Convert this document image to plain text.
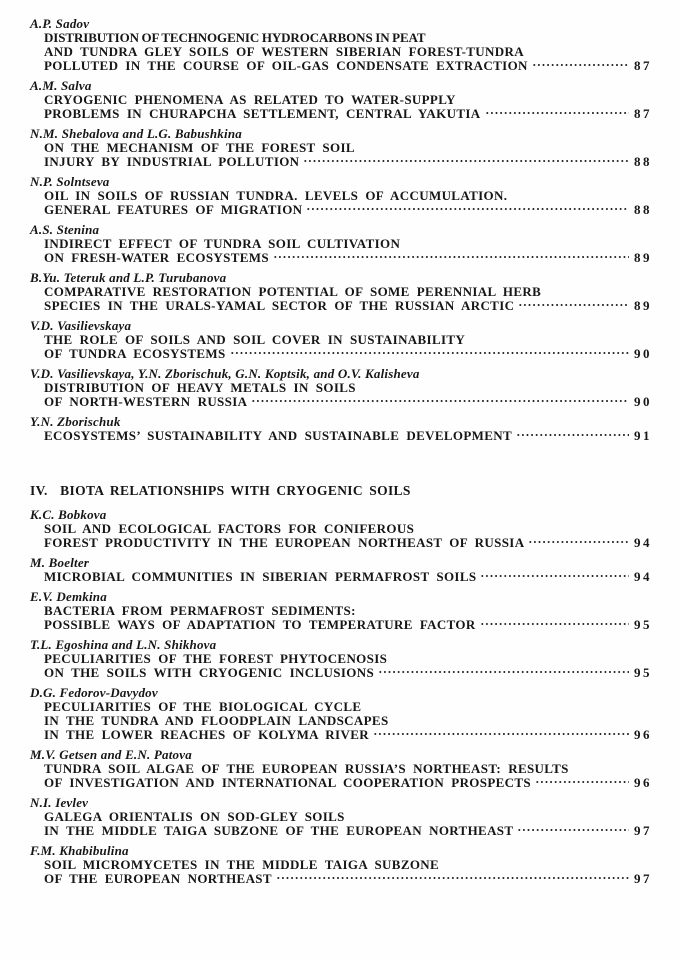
A.P. Sadov
DISTRIBUTION OF TECHNOGENIC HYDROCARBONS IN PEAT
AND TUNDRA GLEY SOILS OF WESTERN SIBERIAN FOREST-TUNDRA
POLLUTED IN THE COURSE OF OIL-GAS CONDENSATE EXTRACTION	87
A.M. Salva
CRYOGENIC PHENOMENA AS RELATED TO WATER-SUPPLY
PROBLEMS IN CHURAPCHA SETTLEMENT, CENTRAL YAKUTIA	87
N.M. Shebalova and L.G. Babushkina
ON THE MECHANISM OF THE FOREST SOIL
INJURY BY INDUSTRIAL POLLUTION	88
N.P. Solntseva
OIL IN SOILS OF RUSSIAN TUNDRA. LEVELS OF ACCUMULATION.
GENERAL FEATURES OF MIGRATION	88
A.S. Stenina
INDIRECT EFFECT OF TUNDRA SOIL CULTIVATION
ON FRESH-WATER ECOSYSTEMS	89
B.Yu. Teteruk and L.P. Turubanova
COMPARATIVE RESTORATION POTENTIAL OF SOME PERENNIAL HERB
SPECIES IN THE URALS-YAMAL SECTOR OF THE RUSSIAN ARCTIC	89
V.D. Vasilievskaya
THE ROLE OF SOILS AND SOIL COVER IN SUSTAINABILITY
OF TUNDRA ECOSYSTEMS	90
V.D. Vasilievskaya, Y.N. Zborischuk, G.N. Koptsik, and O.V. Kalisheva
DISTRIBUTION OF HEAVY METALS IN SOILS
OF NORTH-WESTERN RUSSIA	90
Y.N. Zborischuk
ECOSYSTEMS’ SUSTAINABILITY AND SUSTAINABLE DEVELOPMENT	91
IV.  BIOTA RELATIONSHIPS WITH CRYOGENIC SOILS
K.C. Bobkova
SOIL AND ECOLOGICAL FACTORS FOR CONIFEROUS
FOREST PRODUCTIVITY IN THE EUROPEAN NORTHEAST OF RUSSIA	94
M. Boelter
MICROBIAL COMMUNITIES IN SIBERIAN PERMAFROST SOILS	94
E.V. Demkina
BACTERIA FROM PERMAFROST SEDIMENTS:
POSSIBLE WAYS OF ADAPTATION TO TEMPERATURE FACTOR	95
T.L. Egoshina and L.N. Shikhova
PECULIARITIES OF THE FOREST PHYTOCENOSIS
ON THE SOILS WITH CRYOGENIC INCLUSIONS	95
D.G. Fedorov-Davydov
PECULIARITIES OF THE BIOLOGICAL CYCLE
IN THE TUNDRA AND FLOODPLAIN LANDSCAPES
IN THE LOWER REACHES OF KOLYMA RIVER	96
M.V. Getsen and E.N. Patova
TUNDRA SOIL ALGAE OF THE EUROPEAN RUSSIA’S NORTHEAST: RESULTS
OF INVESTIGATION AND INTERNATIONAL COOPERATION PROSPECTS	96
N.I. Ievlev
GALEGA ORIENTALIS ON SOD-GLEY SOILS
IN THE MIDDLE TAIGA SUBZONE OF THE EUROPEAN NORTHEAST	97
F.M. Khabibulina
SOIL MICROMYCETES IN THE MIDDLE TAIGA SUBZONE
OF THE EUROPEAN NORTHEAST	97
